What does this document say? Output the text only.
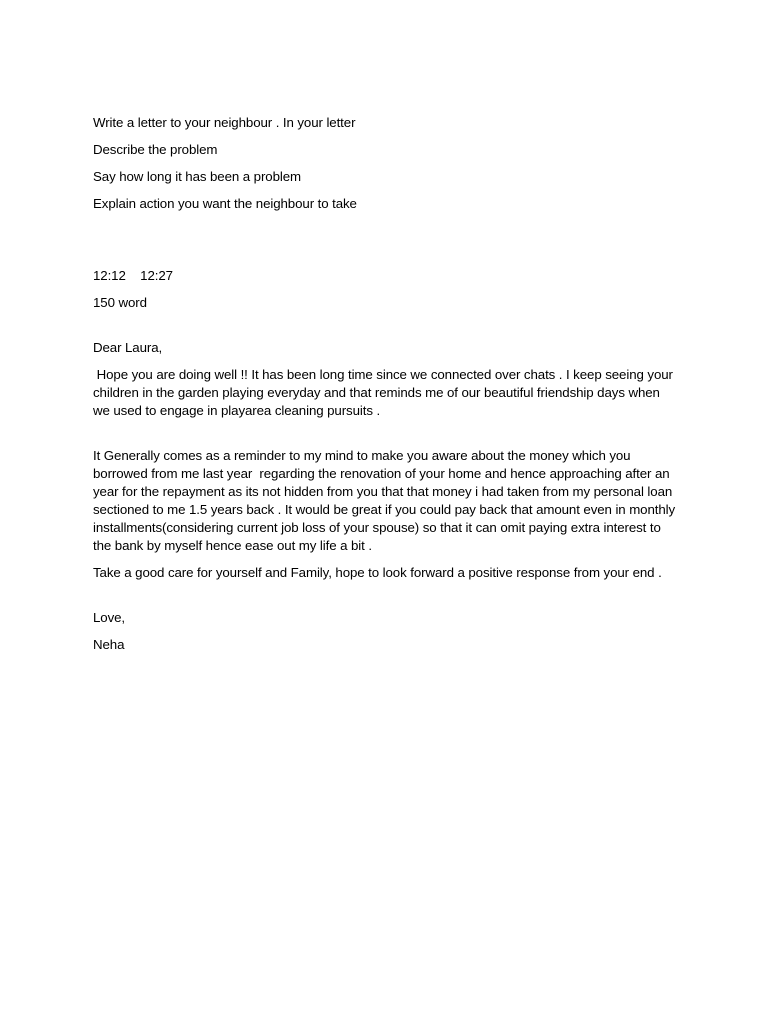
Write a letter to your neighbour . In your letter

Describe the problem

Say how long it has been a problem

Explain action you want the neighbour to take

12:12    12:27

150 word

Dear Laura,

Hope you are doing well !! It has been long time since we connected over chats . I keep seeing your children in the garden playing everyday and that reminds me of our beautiful friendship days when we used to engage in playarea cleaning pursuits .

It Generally comes as a reminder to my mind to make you aware about the money which you borrowed from me last year  regarding the renovation of your home and hence approaching after an year for the repayment as its not hidden from you that that money i had taken from my personal loan sectioned to me 1.5 years back . It would be great if you could pay back that amount even in monthly installments(considering current job loss of your spouse) so that it can omit paying extra interest to the bank by myself hence ease out my life a bit .

Take a good care for yourself and Family, hope to look forward a positive response from your end .

Love,

Neha
